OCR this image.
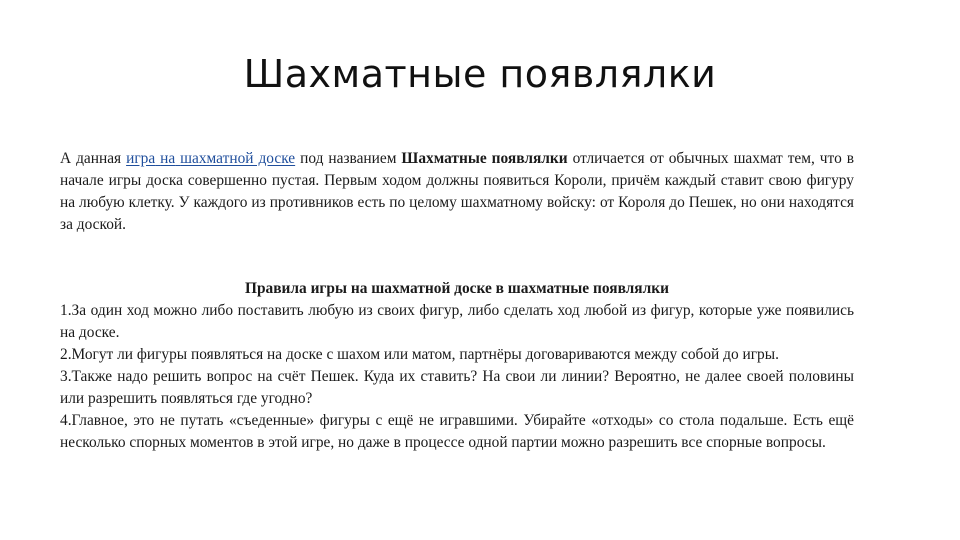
Шахматные появлялки
А данная игра на шахматной доске под названием Шахматные появлялки отличается от обычных шахмат тем, что в начале игры доска совершенно пустая. Первым ходом должны появиться Короли, причём каждый ставит свою фигуру на любую клетку. У каждого из противников есть по целому шахматному войску: от Короля до Пешек, но они находятся за доской.

Правила игры на шахматной доске в шахматные появлялки

1.За один ход можно либо поставить любую из своих фигур, либо сделать ход любой из фигур, которые уже появились на доске.

2.Могут ли фигуры появляться на доске с шахом или матом, партнёры договариваются между собой до игры.

3.Также надо решить вопрос на счёт Пешек. Куда их ставить? На свои ли линии? Вероятно, не далее своей половины или разрешить появляться где угодно?

4.Главное, это не путать «съеденные» фигуры с ещё не игравшими. Убирайте «отходы» со стола подальше. Есть ещё несколько спорных моментов в этой игре, но даже в процессе одной партии можно разрешить все спорные вопросы.
